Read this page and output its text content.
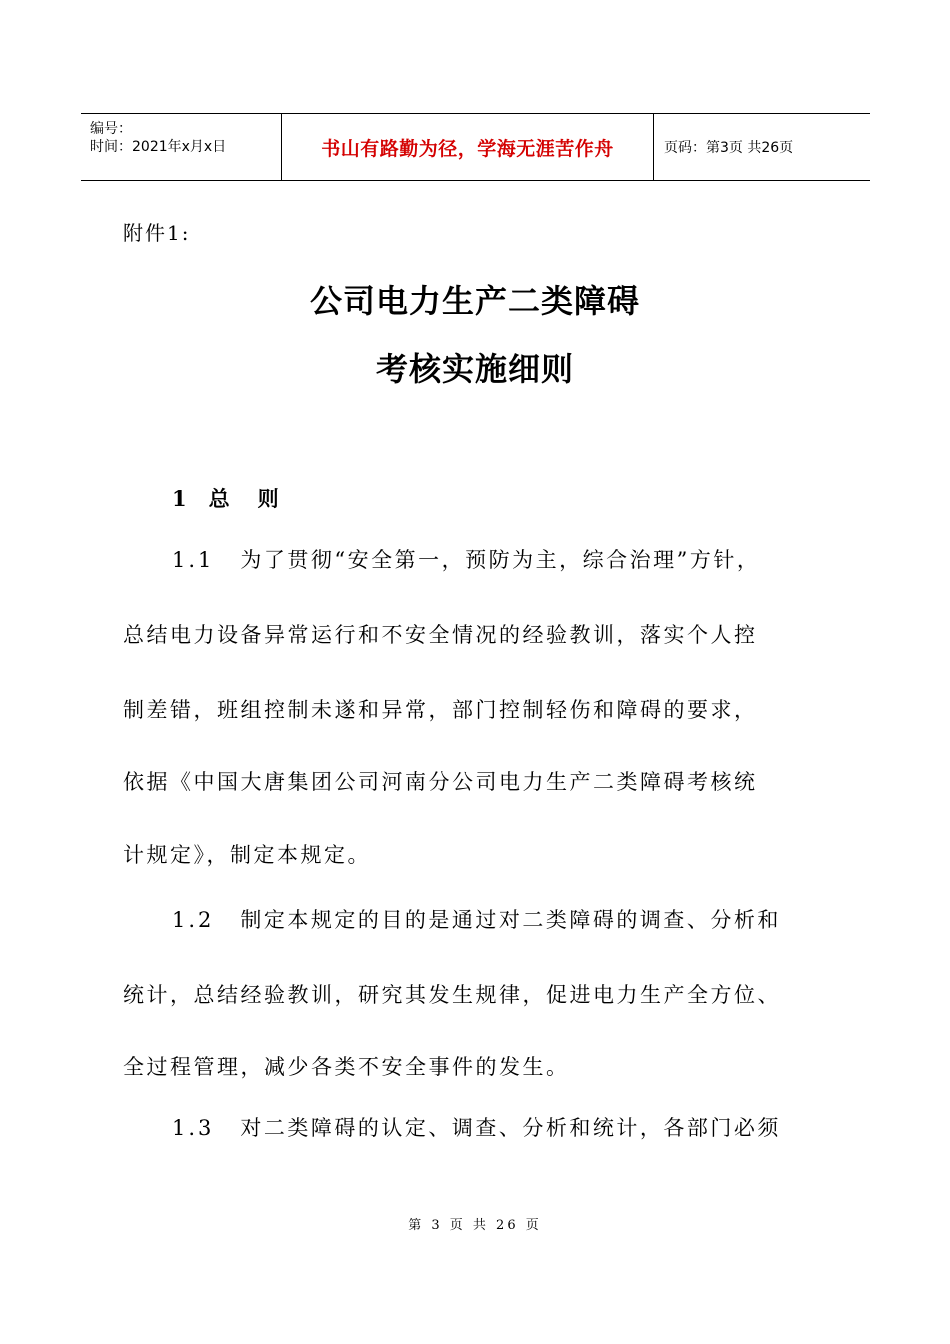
编号：
时间：2021年x月x日	书山有路勤为径，学海无涯苦作舟	页码：第3页 共26页
附件1:
公司电力生产二类障碍
考核实施细则
1 总 则
1.1 为了贯彻“安全第一，预防为主，综合治理”方针，
总结电力设备异常运行和不安全情况的经验教训，落实个人控
制差错，班组控制未遂和异常，部门控制轻伤和障碍的要求，
依据《中国大唐集团公司河南分公司电力生产二类障碍考核统
计规定》，制定本规定。
1.2 制定本规定的目的是通过对二类障碍的调查、分析和
统计，总结经验教训，研究其发生规律，促进电力生产全方位、
全过程管理，减少各类不安全事件的发生。
1.3 对二类障碍的认定、调查、分析和统计，各部门必须
第 3 页 共 26 页
